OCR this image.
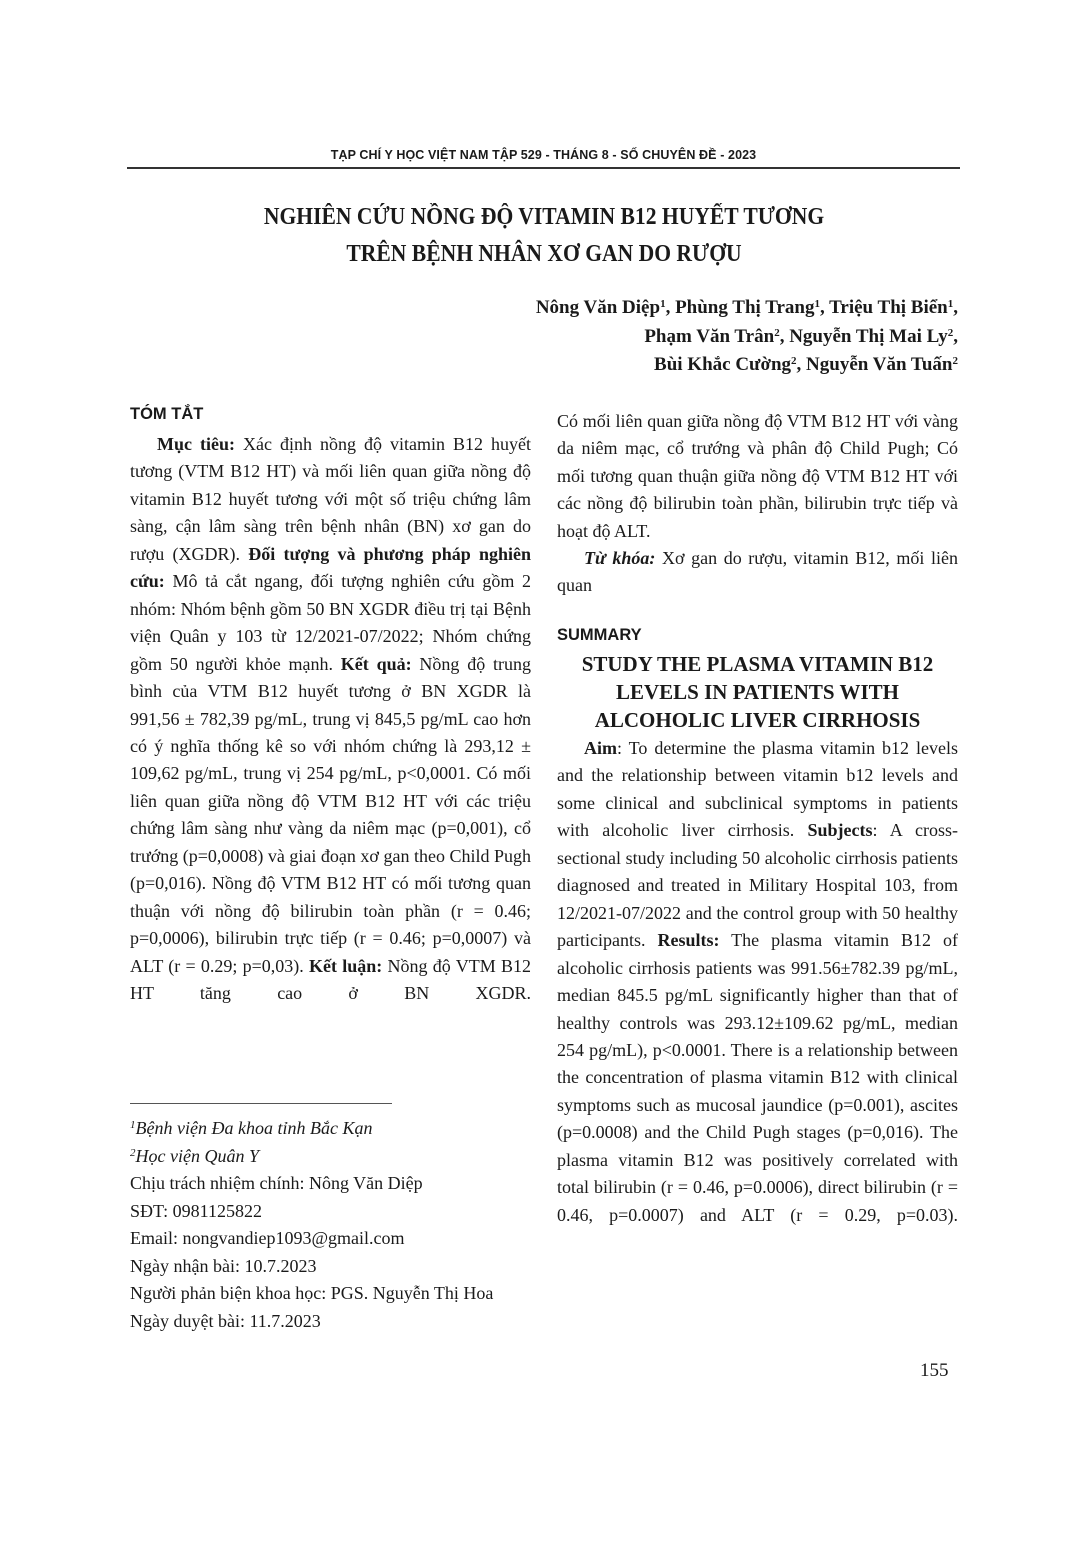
TẠP CHÍ Y HỌC VIỆT NAM TẬP 529 - THÁNG 8 - SỐ CHUYÊN ĐỀ - 2023
NGHIÊN CỨU NỒNG ĐỘ VITAMIN B12 HUYẾT TƯƠNG
TRÊN BỆNH NHÂN XƠ GAN DO RƯỢU
Nông Văn Diệp$^1$, Phùng Thị Trang$^1$, Triệu Thị Biển$^1$,
Phạm Văn Trân$^2$, Nguyễn Thị Mai Ly$^2$,
Bùi Khắc Cường$^2$, Nguyễn Văn Tuấn$^2$
TÓM TẮT
Mục tiêu: Xác định nồng độ vitamin B12 huyết tương (VTM B12 HT) và mối liên quan giữa nồng độ vitamin B12 huyết tương với một số triệu chứng lâm sàng, cận lâm sàng trên bệnh nhân (BN) xơ gan do rượu (XGDR). Đối tượng và phương pháp nghiên cứu: Mô tả cắt ngang, đối tượng nghiên cứu gồm 2 nhóm: Nhóm bệnh gồm 50 BN XGDR điều trị tại Bệnh viện Quân y 103 từ 12/2021-07/2022; Nhóm chứng gồm 50 người khỏe mạnh. Kết quả: Nồng độ trung bình của VTM B12 huyết tương ở BN XGDR là 991,56 ± 782,39 pg/mL, trung vị 845,5 pg/mL cao hơn có ý nghĩa thống kê so với nhóm chứng là 293,12 ± 109,62 pg/mL, trung vị 254 pg/mL, p<0,0001. Có mối liên quan giữa nồng độ VTM B12 HT với các triệu chứng lâm sàng như vàng da niêm mạc (p=0,001), cổ trướng (p=0,0008) và giai đoạn xơ gan theo Child Pugh (p=0,016). Nồng độ VTM B12 HT có mối tương quan thuận với nồng độ bilirubin toàn phần (r = 0.46; p=0,0006), bilirubin trực tiếp (r = 0.46; p=0,0007) và ALT (r = 0.29; p=0,03). Kết luận: Nồng độ VTM B12 HT tăng cao ở BN XGDR.
$^1$Bệnh viện Đa khoa tỉnh Bắc Kạn
$^2$Học viện Quân Y
Chịu trách nhiệm chính: Nông Văn Diệp
SĐT: 0981125822
Email: nongvandiep1093@gmail.com
Ngày nhận bài: 10.7.2023
Người phản biện khoa học: PGS. Nguyễn Thị Hoa
Ngày duyệt bài: 11.7.2023
Có mối liên quan giữa nồng độ VTM B12 HT với vàng da niêm mạc, cổ trướng và phân độ Child Pugh; Có mối tương quan thuận giữa nồng độ VTM B12 HT với các nồng độ bilirubin toàn phần, bilirubin trực tiếp và hoạt độ ALT.
Từ khóa: Xơ gan do rượu, vitamin B12, mối liên quan
SUMMARY
STUDY THE PLASMA VITAMIN B12
LEVELS IN PATIENTS WITH
ALCOHOLIC LIVER CIRRHOSIS
Aim: To determine the plasma vitamin b12 levels and the relationship between vitamin b12 levels and some clinical and subclinical symptoms in patients with alcoholic liver cirrhosis. Subjects: A cross-sectional study including 50 alcoholic cirrhosis patients diagnosed and treated in Military Hospital 103, from 12/2021-07/2022 and the control group with 50 healthy participants. Results: The plasma vitamin B12 of alcoholic cirrhosis patients was 991.56±782.39 pg/mL, median 845.5 pg/mL significantly higher than that of healthy controls was 293.12±109.62 pg/mL, median 254 pg/mL), p<0.0001. There is a relationship between the concentration of plasma vitamin B12 with clinical symptoms such as mucosal jaundice (p=0.001), ascites (p=0.0008) and the Child Pugh stages (p=0,016). The plasma vitamin B12 was positively correlated with total bilirubin (r = 0.46, p=0.0006), direct bilirubin (r = 0.46, p=0.0007) and ALT (r = 0.29, p=0.03).
155
